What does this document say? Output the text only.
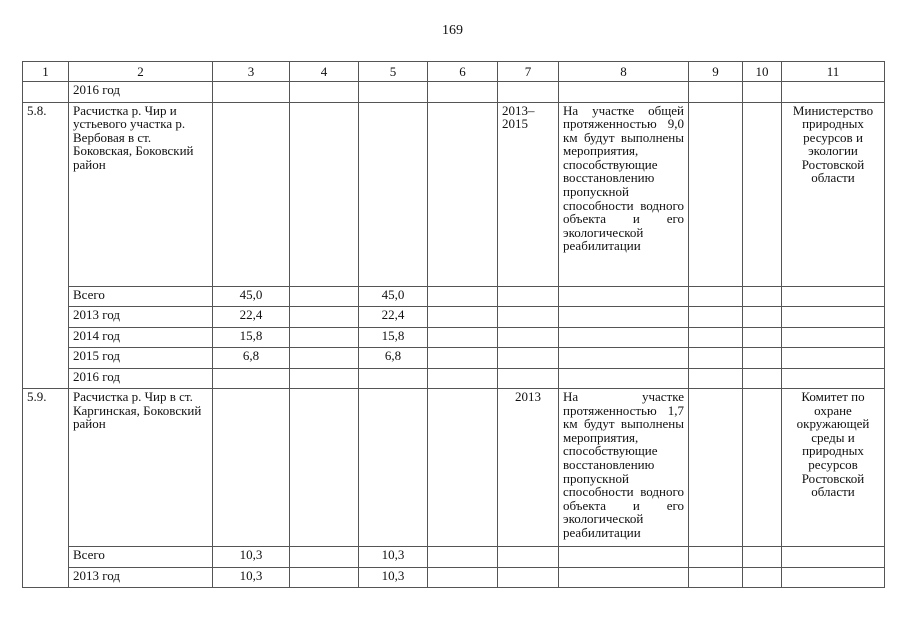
169
1	2	3	4	5	6	7	8	9	10	11
	2016 год									
5.8.	Расчистка р. Чир и устьевого участка р. Вербовая в ст. Боковская, Боковский район					2013–2015	На участке общей протяженностью 9,0 км будут выполнены мероприятия, способствующие восстановлению пропускной способности водного объекта и его экологической реабилитации			Министерство природных ресурсов и экологии Ростовской области
	Всего	45,0		45,0						
	2013 год	22,4		22,4						
	2014 год	15,8		15,8						
	2015 год	6,8		6,8						
	2016 год									
5.9.	Расчистка р. Чир в ст. Каргинская, Боковский район					2013	На участке протяженностью 1,7 км будут выполнены мероприятия, способствующие восстановлению пропускной способности водного объекта и его экологической реабилитации			Комитет по охране окружающей среды и природных ресурсов Ростовской области
	Всего	10,3		10,3						
	2013 год	10,3		10,3						
